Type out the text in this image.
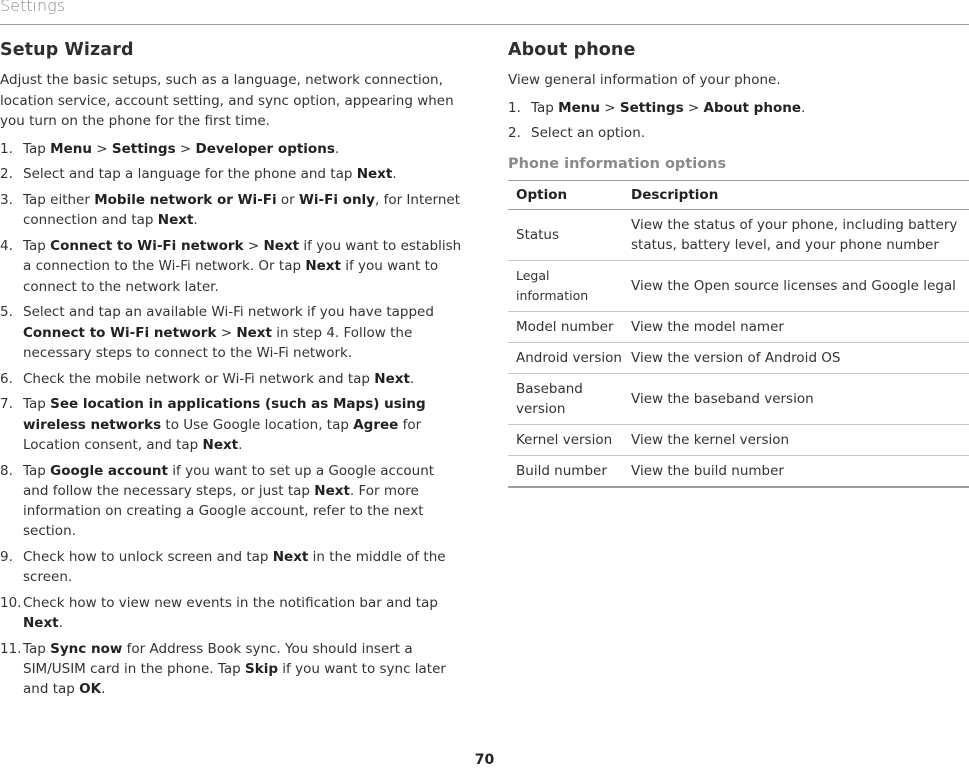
Settings
Setup Wizard

Adjust the basic setups, such as a language, network connection, location service, account setting, and sync option, appearing when you turn on the phone for the first time.

1. Tap Menu > Settings > Developer options.
2. Select and tap a language for the phone and tap Next.
3. Tap either Mobile network or Wi-Fi or Wi-Fi only, for Internet connection and tap Next.
4. Tap Connect to Wi-Fi network > Next if you want to establish a connection to the Wi-Fi network. Or tap Next if you want to connect to the network later.
5. Select and tap an available Wi-Fi network if you have tapped Connect to Wi-Fi network > Next in step 4. Follow the necessary steps to connect to the Wi-Fi network.
6. Check the mobile network or Wi-Fi network and tap Next.
7. Tap See location in applications (such as Maps) using wireless networks to Use Google location, tap Agree for Location consent, and tap Next.
8. Tap Google account if you want to set up a Google account and follow the necessary steps, or just tap Next. For more information on creating a Google account, refer to the next section.
9. Check how to unlock screen and tap Next in the middle of the screen.
10. Check how to view new events in the notification bar and tap Next.
11. Tap Sync now for Address Book sync. You should insert a SIM/USIM card in the phone. Tap Skip if you want to sync later and tap OK.
About phone

View general information of your phone.

1. Tap Menu > Settings > About phone.
2. Select an option.
Phone information options
Option	Description
Status	View the status of your phone, including battery status, battery level, and your phone number
Legal information	View the Open source licenses and Google legal
Model number	View the model namer
Android version	View the version of Android OS
Baseband version	View the baseband version
Kernel version	View the kernel version
Build number	View the build number
70
